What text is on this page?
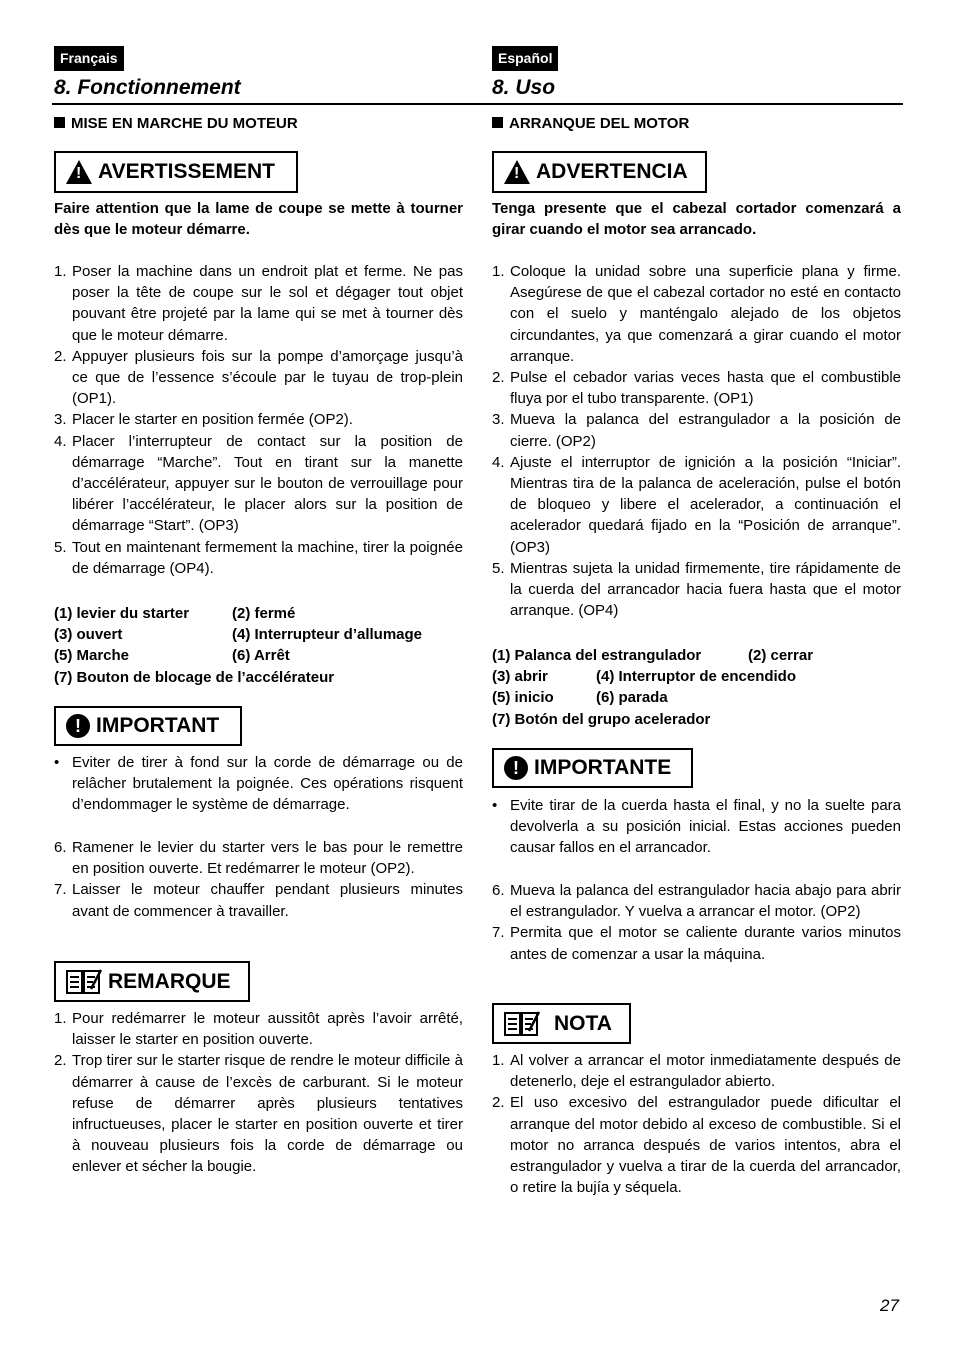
Français
8. Fonctionnement
Español
8. Uso
MISE EN MARCHE DU MOTEUR	ARRANQUE DEL MOTOR
!
AVERTISSEMENT
!	ADVERTENCIA
Faire attention que la lame de coupe se mette à tourner dès que le moteur démarre.
Tenga presente que el cabezal cortador comenzará a girar cuando el motor sea arrancado.
1. Poser la machine dans un endroit plat et ferme. Ne pas poser la tête de coupe sur le sol et dégager tout objet pouvant être projeté par la lame qui se met à tourner dès que le moteur démarre.
2. Appuyer plusieurs fois sur la pompe d’amorçage jusqu’à ce que de l’essence s’écoule par le tuyau de trop-plein (OP1).
3. Placer le starter en position fermée (OP2).
4. Placer l’interrupteur de contact sur la position de démarrage “Marche”. Tout en tirant sur la manette d’accélérateur, appuyer sur le bouton de verrouillage pour libérer l’accélérateur, le placer alors sur la position de démarrage “Start”. (OP3)
5. Tout en maintenant fermement la machine, tirer la poignée de démarrage (OP4).
1. Coloque la unidad sobre una superficie plana y firme. Asegúrese de que el cabezal cortador no esté en contacto con el suelo y manténgalo alejado de los objetos circundantes, ya que comenzará a girar cuando el motor arranque.
2. Pulse el cebador varias veces hasta que el combustible fluya por el tubo transparente. (OP1)
3. Mueva la palanca del estrangulador a la posición de cierre. (OP2)
4. Ajuste el interruptor de ignición a la posición “Iniciar”. Mientras tira de la palanca de aceleración, pulse el botón de bloqueo y libere el acelerador, a continuación el acelerador quedará fijado en la “Posición de arranque”. (OP3)
5. Mientras sujeta la unidad firmemente, tire rápidamente de la cuerda del arrancador hacia fuera hasta que el motor arranque. (OP4)
(1) levier du starter	(2) fermé
(3) ouvert	(4) Interrupteur d’allumage
(5) Marche	(6) Arrêt
(7) Bouton de blocage de l’accélérateur
(1) Palanca del estrangulador	(2) cerrar
(3) abrir	(4) Interruptor de encendido
(5) inicio	(6) parada
(7) Botón del grupo acelerador
! IMPORTANT
! IMPORTANTE
• Eviter de tirer à fond sur la corde de démarrage ou de relâcher brutalement la poignée. Ces opérations risquent d’endommager le système de démarrage.	• Evite tirar de la cuerda hasta el final, y no la suelte para devolverla a su posición inicial. Estas acciones pueden causar fallos en el arrancador.
6. Ramener le levier du starter vers le bas pour le remettre en position ouverte. Et redémarrer le moteur (OP2).
7. Laisser le moteur chauffer pendant plusieurs minutes avant de commencer à travailler.
6. Mueva la palanca del estrangulador hacia abajo para abrir el estrangulador. Y vuelva a arrancar el motor. (OP2)
7. Permita que el motor se caliente durante varios minutos antes de comenzar a usar la máquina.
REMARQUE
NOTA
1. Pour redémarrer le moteur aussitôt après l’avoir arrêté, laisser le starter en position ouverte.
2. Trop tirer sur le starter risque de rendre le moteur difficile à démarrer à cause de l’excès de carburant. Si le moteur refuse de démarrer après plusieurs tentatives infructueuses, placer le starter en position ouverte et tirer à nouveau plusieurs fois la corde de démarrage ou enlever et sécher la bougie.
1. Al volver a arrancar el motor inmediatamente después de detenerlo, deje el estrangulador abierto.
2. El uso excesivo del estrangulador puede dificultar el arranque del motor debido al exceso de combustible. Si el motor no arranca después de varios intentos, abra el estrangulador y vuelva a tirar de la cuerda del arrancador, o retire la bujía y séquela.
27
